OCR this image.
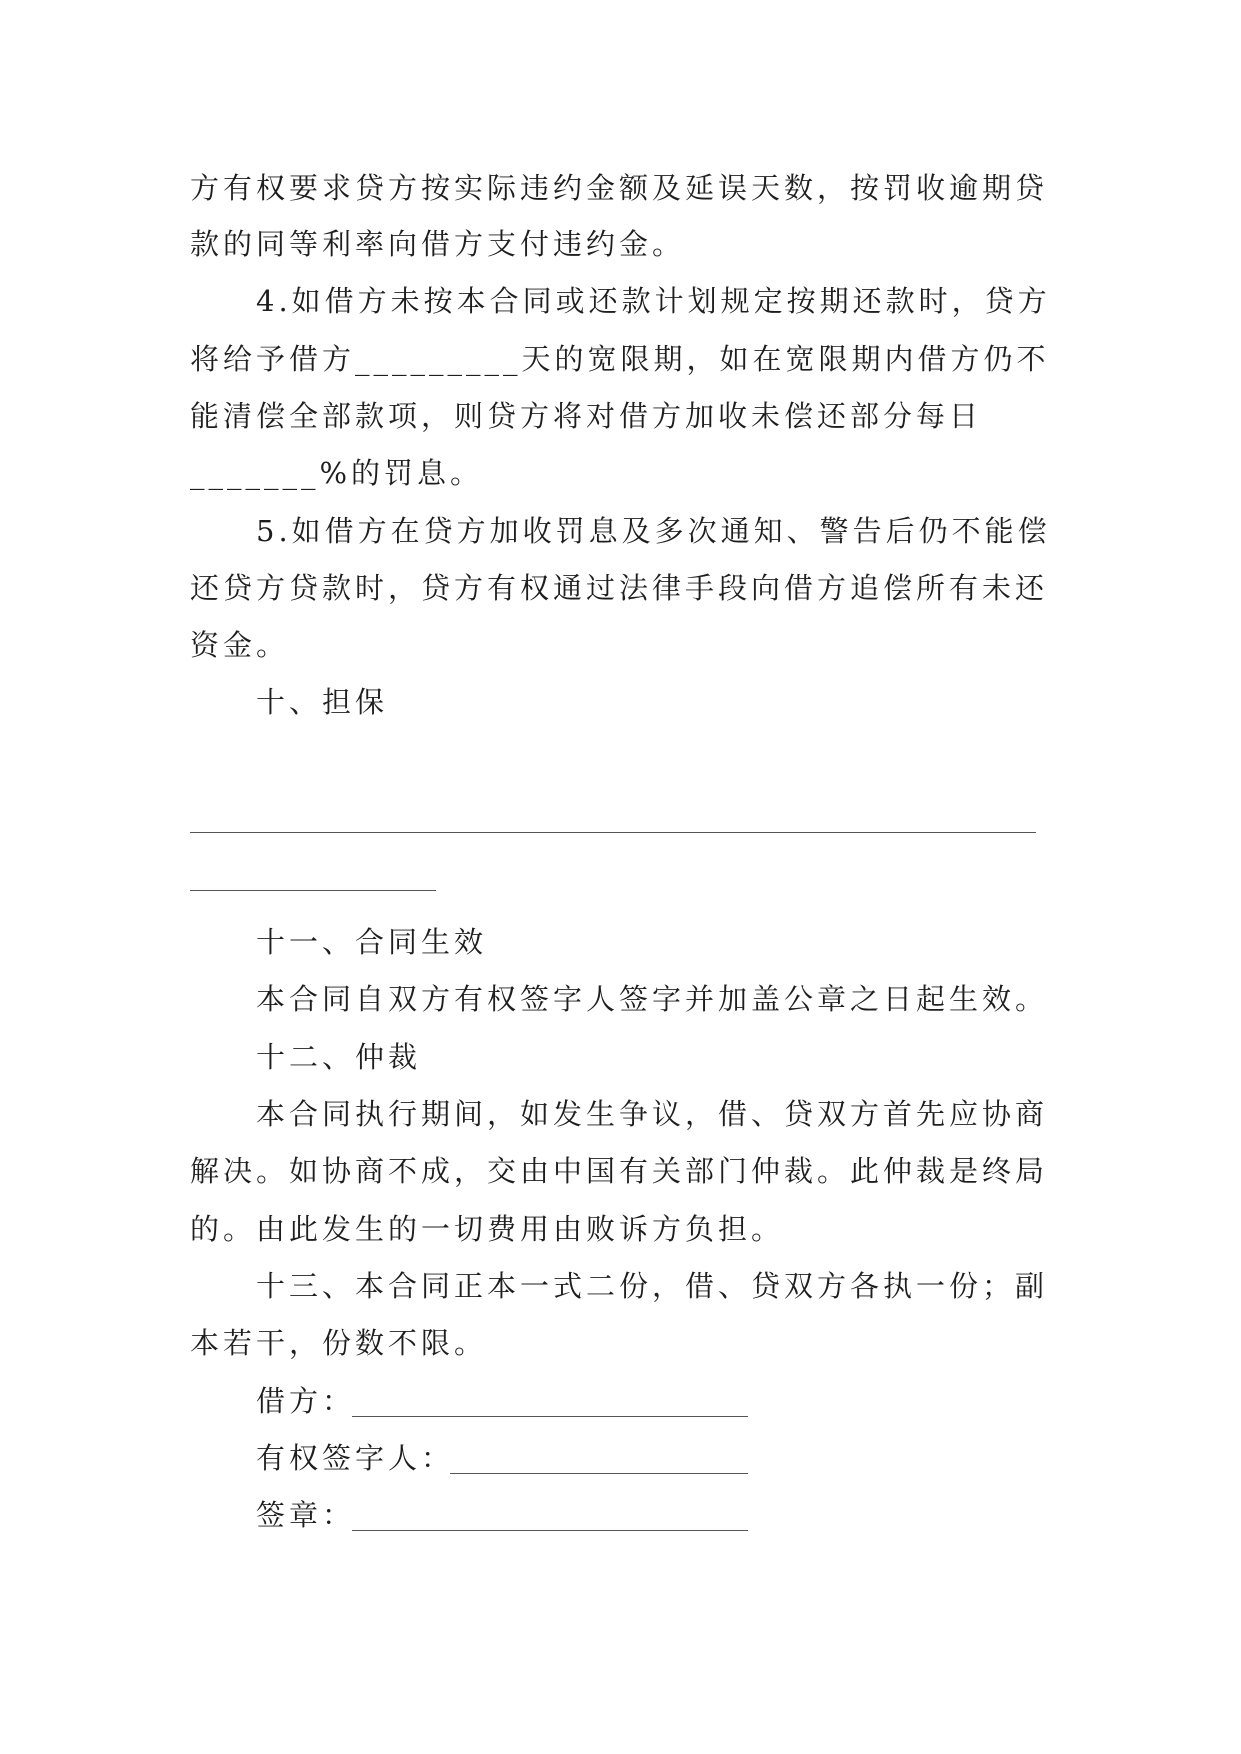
方有权要求贷方按实际违约金额及延误天数，按罚收逾期贷
款的同等利率向借方支付违约金。
4.如借方未按本合同或还款计划规定按期还款时，贷方
将给予借方_________天的宽限期，如在宽限期内借方仍不
能清偿全部款项，则贷方将对借方加收未偿还部分每日
_______%的罚息。
5.如借方在贷方加收罚息及多次通知、警告后仍不能偿
还贷方贷款时，贷方有权通过法律手段向借方追偿所有未还
资金。
十、担保
十一、合同生效
本合同自双方有权签字人签字并加盖公章之日起生效。
十二、仲裁
本合同执行期间，如发生争议，借、贷双方首先应协商
解决。如协商不成，交由中国有关部门仲裁。此仲裁是终局
的。由此发生的一切费用由败诉方负担。
十三、本合同正本一式二份，借、贷双方各执一份；副
本若干，份数不限。
借方：
有权签字人：
签章：
